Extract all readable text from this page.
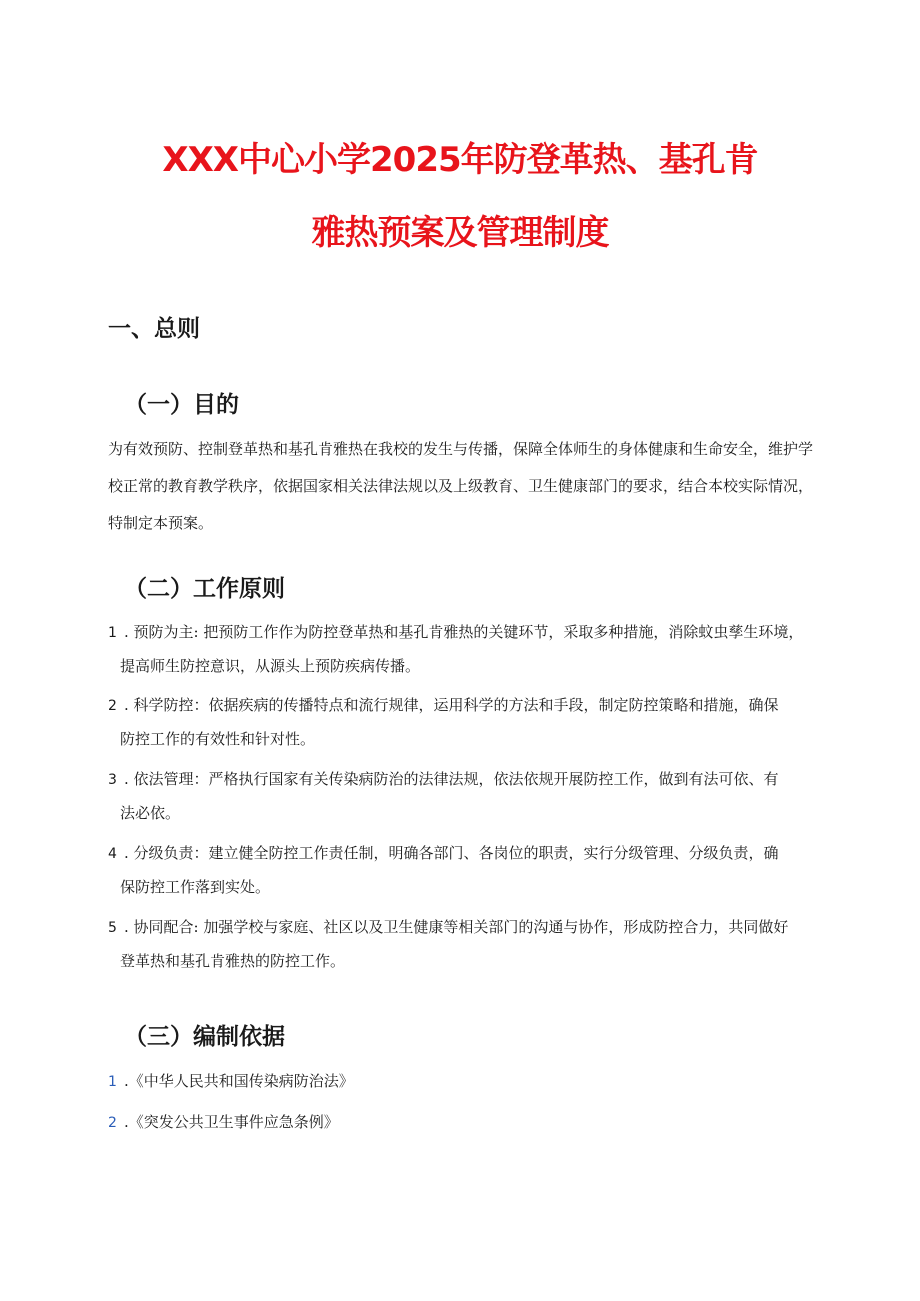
XXX中心小学2025年防登革热、基孔肯
雅热预案及管理制度
一、总则
（一）目的

为有效预防、控制登革热和基孔肯雅热在我校的发生与传播，保障全体师生的身体健康和生命安全，维护学校正常的教育教学秩序，依据国家相关法律法规以及上级教育、卫生健康部门的要求，结合本校实际情况，特制定本预案。

（二）工作原则
1 . 预防为主: 把预防工作作为防控登革热和基孔肯雅热的关键环节，采取多种措施，消除蚊虫孳生环境，
提高师生防控意识，从源头上预防疾病传播。
2 . 科学防控：依据疾病的传播特点和流行规律，运用科学的方法和手段，制定防控策略和措施，确保
防控工作的有效性和针对性。
3 . 依法管理：严格执行国家有关传染病防治的法律法规，依法依规开展防控工作，做到有法可依、有
法必依。
4 . 分级负责：建立健全防控工作责任制，明确各部门、各岗位的职责，实行分级管理、分级负责，确
保防控工作落到实处。
5 . 协同配合: 加强学校与家庭、社区以及卫生健康等相关部门的沟通与协作，形成防控合力，共同做好
登革热和基孔肯雅热的防控工作。
（三）编制依据
1 .《中华人民共和国传染病防治法》
2 .《突发公共卫生事件应急条例》
